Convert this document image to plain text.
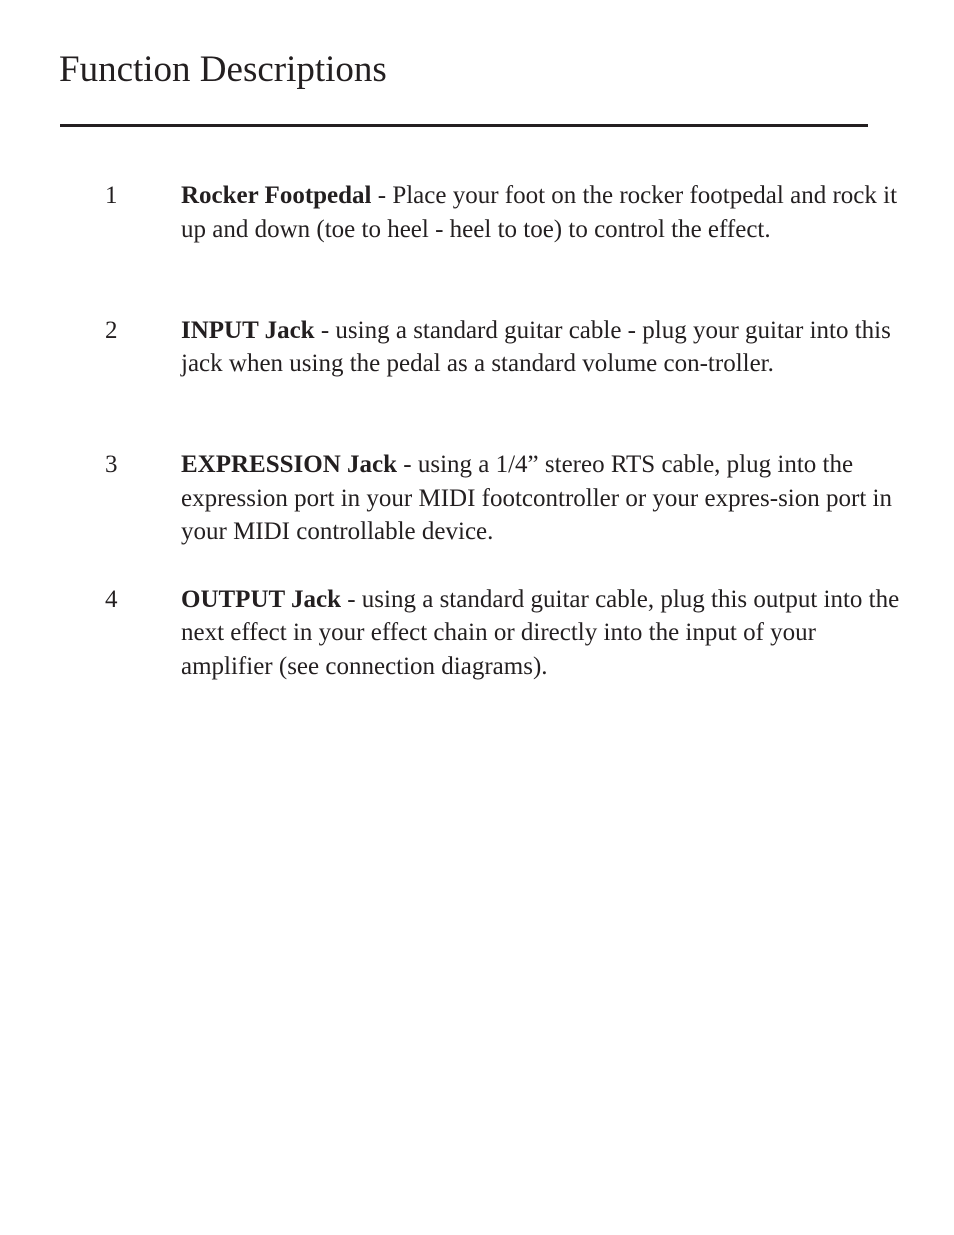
Function Descriptions
1	Rocker Footpedal - Place your foot on the rocker footpedal and rock it up and down (toe to heel - heel to toe) to control the effect.

2	INPUT Jack - using a standard guitar cable - plug your guitar into this jack when using the pedal as a standard volume con-troller.

3	EXPRESSION Jack - using a 1/4” stereo RTS cable, plug into the expression port in your MIDI footcontroller or your expres-sion port in your MIDI controllable device.

4	OUTPUT Jack - using a standard guitar cable, plug this output into the next effect in your effect chain or directly into the input of your amplifier (see connection diagrams).
